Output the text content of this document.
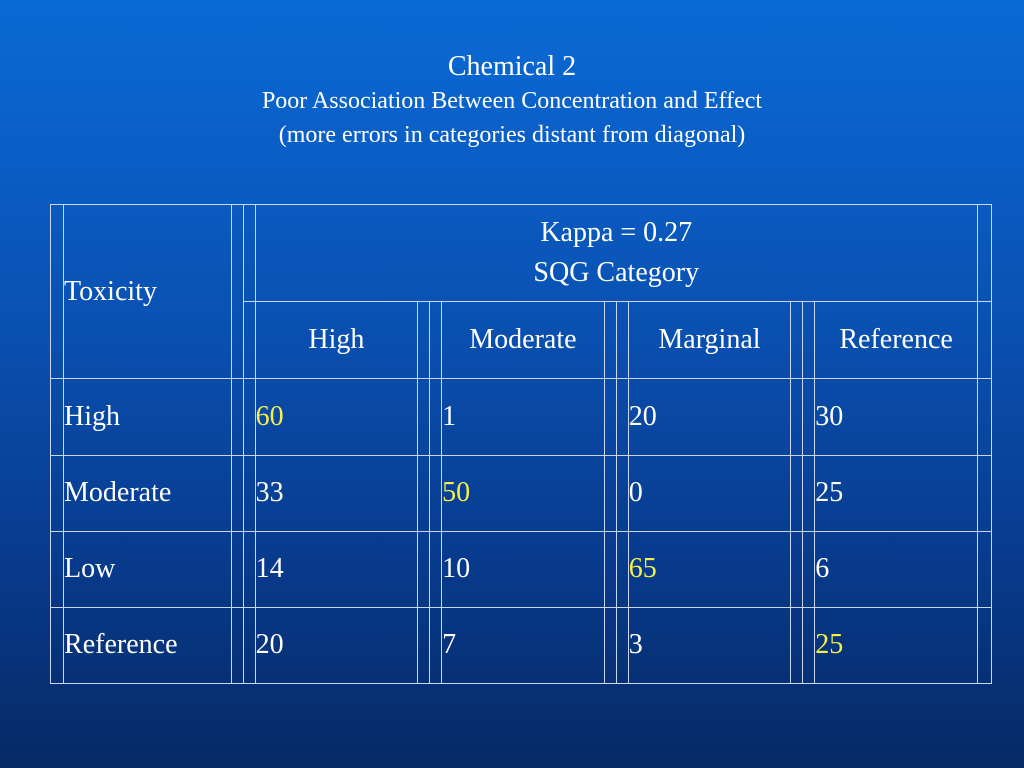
Chemical 2
Poor Association Between Concentration and Effect
(more errors in categories distant from diagonal)
	Toxicity			Kappa = 0.27
SQG Category										

				High			Moderate			Marginal			Reference	
	High			60			1			20			30	
	Moderate			33			50			0			25	
	Low			14			10			65			6	
	Reference			20			7			3			25	
